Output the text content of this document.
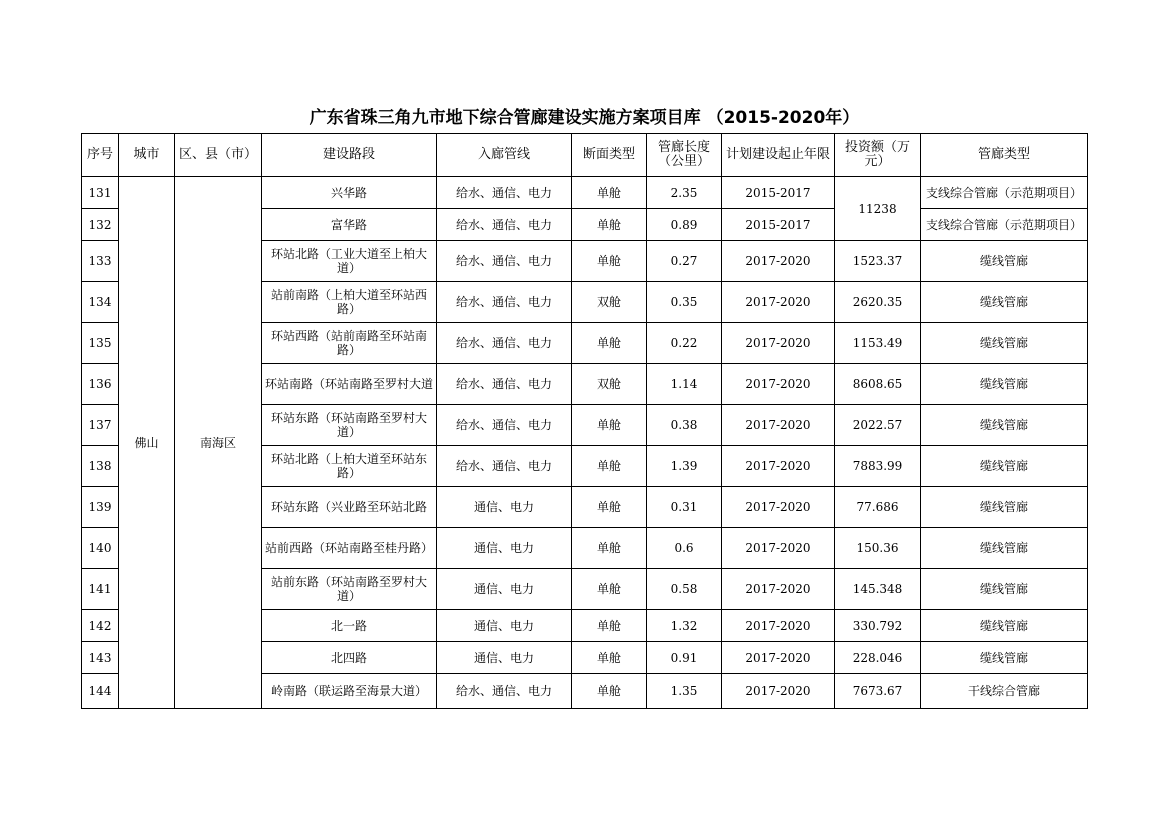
广东省珠三角九市地下综合管廊建设实施方案项目库 （2015-2020年）
序号	城市	区、县（市）	建设路段	入廊管线	断面类型	管廊长度（公里）	计划建设起止年限	投资额（万元）	管廊类型
131	佛山	南海区	兴华路	给水、通信、电力	单舱	2.35	2015-2017	11238	支线综合管廊（示范期项目）
132			富华路	给水、通信、电力	单舱	0.89	2015-2017		支线综合管廊（示范期项目）
133			环站北路（工业大道至上柏大道）	给水、通信、电力	单舱	0.27	2017-2020	1523.37	缆线管廊
134			站前南路（上柏大道至环站西路）	给水、通信、电力	双舱	0.35	2017-2020	2620.35	缆线管廊
135			环站西路（站前南路至环站南路）	给水、通信、电力	单舱	0.22	2017-2020	1153.49	缆线管廊
136			环站南路（环站南路至罗村大道	给水、通信、电力	双舱	1.14	2017-2020	8608.65	缆线管廊
137			环站东路（环站南路至罗村大道）	给水、通信、电力	单舱	0.38	2017-2020	2022.57	缆线管廊
138			环站北路（上柏大道至环站东路）	给水、通信、电力	单舱	1.39	2017-2020	7883.99	缆线管廊
139			环站东路（兴业路至环站北路	通信、电力	单舱	0.31	2017-2020	77.686	缆线管廊
140			站前西路（环站南路至桂丹路）	通信、电力	单舱	0.6	2017-2020	150.36	缆线管廊
141			站前东路（环站南路至罗村大道）	通信、电力	单舱	0.58	2017-2020	145.348	缆线管廊
142			北一路	通信、电力	单舱	1.32	2017-2020	330.792	缆线管廊
143			北四路	通信、电力	单舱	0.91	2017-2020	228.046	缆线管廊
144			岭南路（联运路至海景大道）	给水、通信、电力	单舱	1.35	2017-2020	7673.67	干线综合管廊
